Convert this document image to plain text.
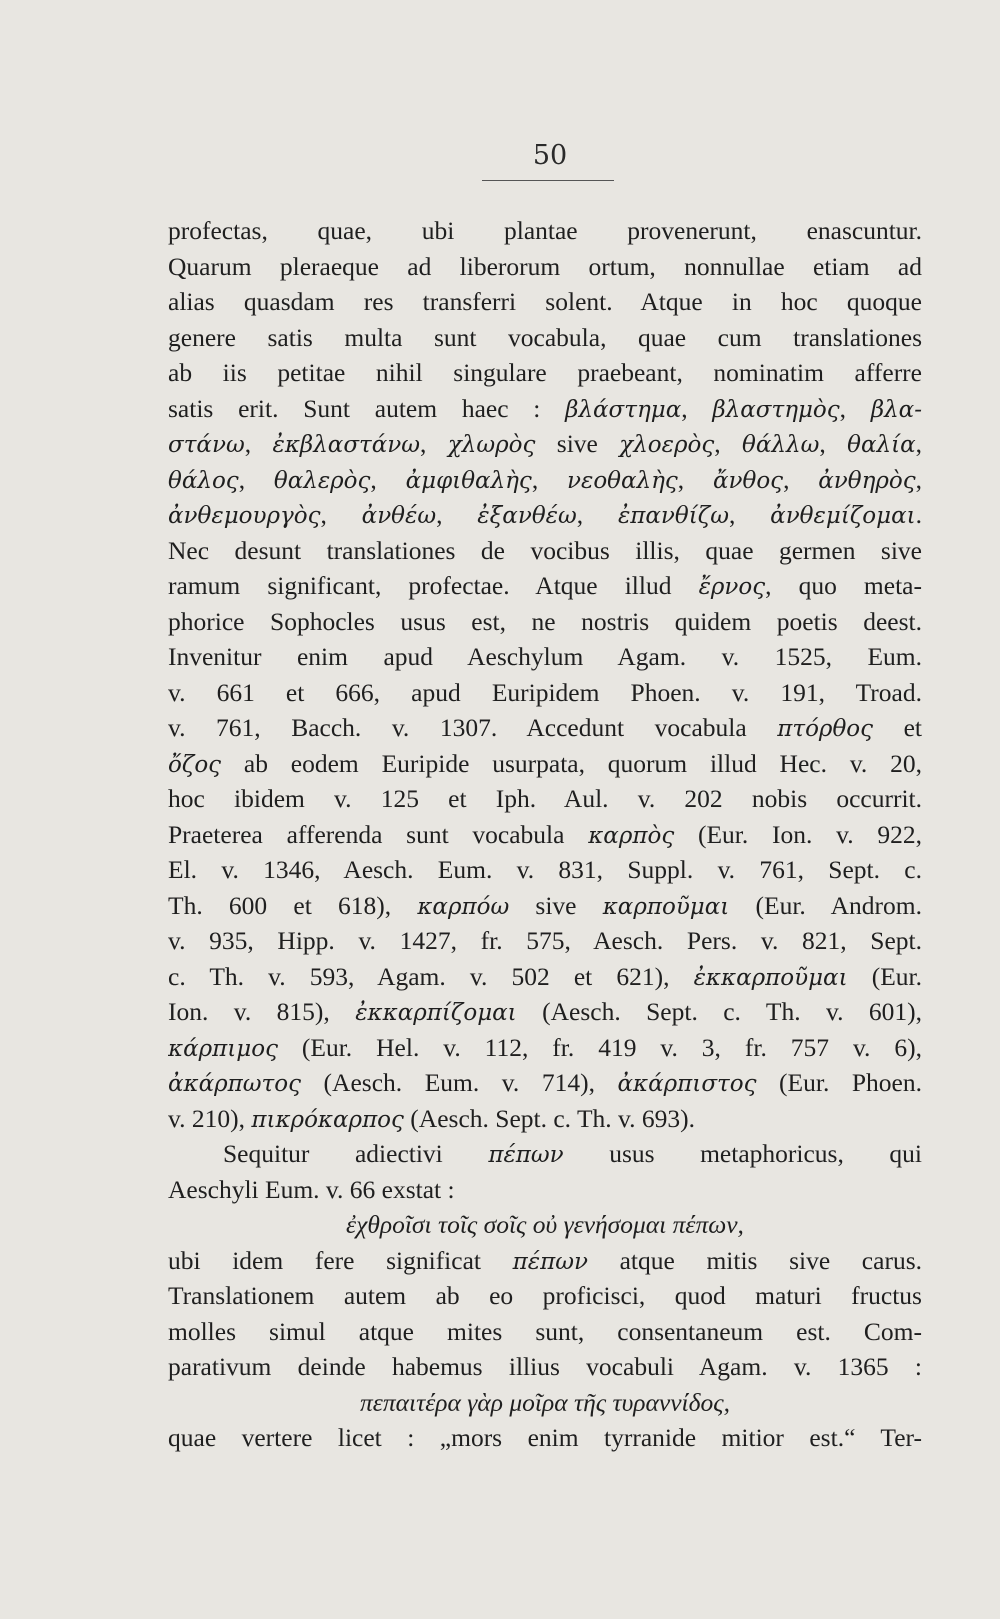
50
profectas, quae, ubi plantae provenerunt, enascuntur.
Quarum pleraeque ad liberorum ortum, nonnullae etiam ad
alias quasdam res transferri solent. Atque in hoc quoque
genere satis multa sunt vocabula, quae cum translationes
ab iis petitae nihil singulare praebeant, nominatim afferre
satis erit. Sunt autem haec : βλάστημα, βλαστημὸς, βλα-
στάνω, ἐκβλαστάνω, χλωρὸς sive χλοερὸς, θάλλω, θαλία,
θάλος, θαλερὸς, ἀμφιθαλὴς, νεοθαλὴς, ἄνθος, ἀνθηρὸς,
ἀνθεμουργὸς, ἀνθέω, ἐξανθέω, ἐπανθίζω, ἀνθεμίζομαι.
Nec desunt translationes de vocibus illis, quae germen sive
ramum significant, profectae. Atque illud ἔρνος, quo meta-
phorice Sophocles usus est, ne nostris quidem poetis deest.
Invenitur enim apud Aeschylum Agam. v. 1525, Eum.
v. 661 et 666, apud Euripidem Phoen. v. 191, Troad.
v. 761, Bacch. v. 1307. Accedunt vocabula πτόρθος et
ὄζος ab eodem Euripide usurpata, quorum illud Hec. v. 20,
hoc ibidem v. 125 et Iph. Aul. v. 202 nobis occurrit.
Praeterea afferenda sunt vocabula καρπὸς (Eur. Ion. v. 922,
El. v. 1346, Aesch. Eum. v. 831, Suppl. v. 761, Sept. c.
Th. 600 et 618), καρπόω sive καρποῦμαι (Eur. Androm.
v. 935, Hipp. v. 1427, fr. 575, Aesch. Pers. v. 821, Sept.
c. Th. v. 593, Agam. v. 502 et 621), ἐκκαρποῦμαι (Eur.
Ion. v. 815), ἐκκαρπίζομαι (Aesch. Sept. c. Th. v. 601),
κάρπιμος (Eur. Hel. v. 112, fr. 419 v. 3, fr. 757 v. 6),
ἀκάρπωτος (Aesch. Eum. v. 714), ἀκάρπιστος (Eur. Phoen.
v. 210), πικρόκαρπος (Aesch. Sept. c. Th. v. 693).
Sequitur adiectivi πέπων usus metaphoricus, qui
Aeschyli Eum. v. 66 exstat :
ἐχθροῖσι τοῖς σοῖς οὐ γενήσομαι πέπων,
ubi idem fere significat πέπων atque mitis sive carus.
Translationem autem ab eo proficisci, quod maturi fructus
molles simul atque mites sunt, consentaneum est. Com-
parativum deinde habemus illius vocabuli Agam. v. 1365 :
πεπαιτέρα γὰρ μοῖρα τῆς τυραννίδος,
quae vertere licet : „mors enim tyrranide mitior est.“ Ter-
